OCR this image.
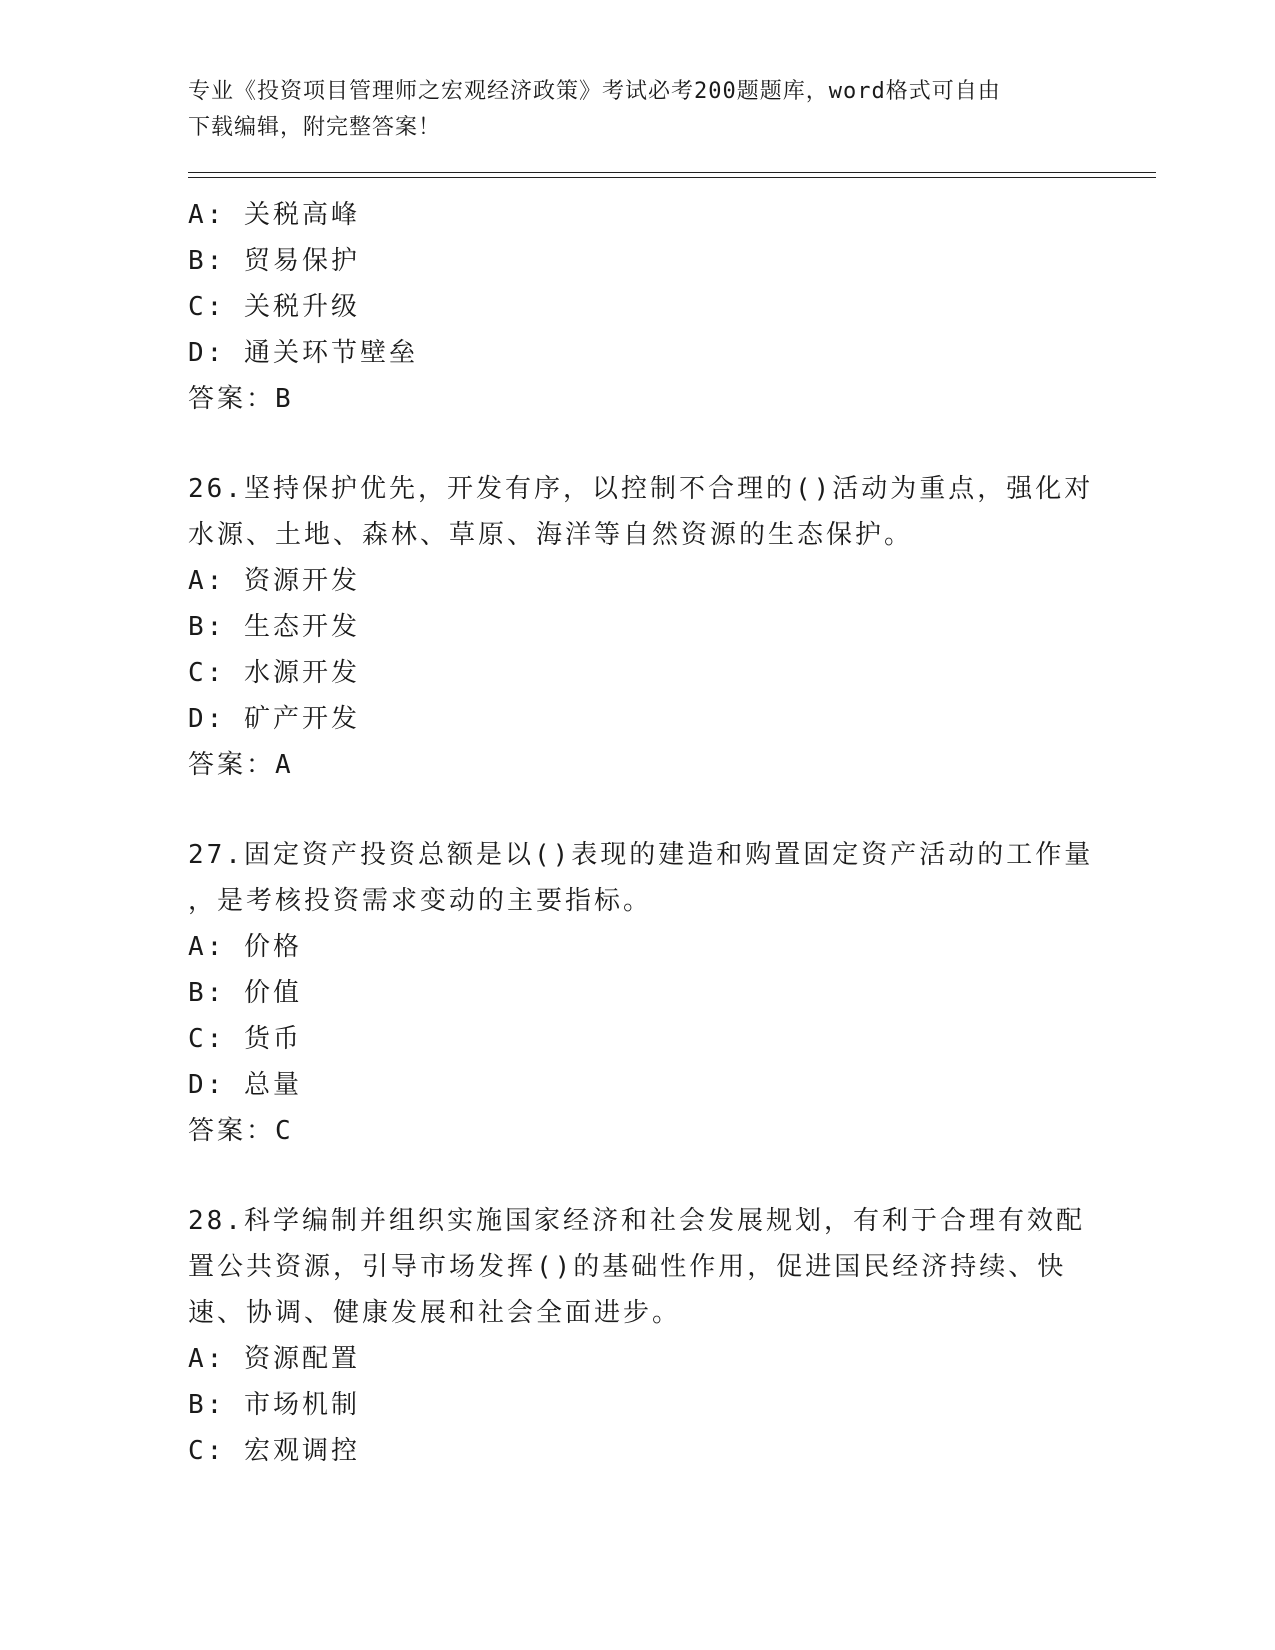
专业《投资项目管理师之宏观经济政策》考试必考200题题库，word格式可自由
下载编辑，附完整答案！
A: 关税高峰
B: 贸易保护
C: 关税升级
D: 通关环节壁垒
答案：B
26.坚持保护优先，开发有序，以控制不合理的()活动为重点，强化对
水源、土地、森林、草原、海洋等自然资源的生态保护。
A: 资源开发
B: 生态开发
C: 水源开发
D: 矿产开发
答案：A
27.固定资产投资总额是以()表现的建造和购置固定资产活动的工作量
，是考核投资需求变动的主要指标。
A: 价格
B: 价值
C: 货币
D: 总量
答案：C
28.科学编制并组织实施国家经济和社会发展规划，有利于合理有效配
置公共资源，引导市场发挥()的基础性作用，促进国民经济持续、快
速、协调、健康发展和社会全面进步。
A: 资源配置
B: 市场机制
C: 宏观调控
